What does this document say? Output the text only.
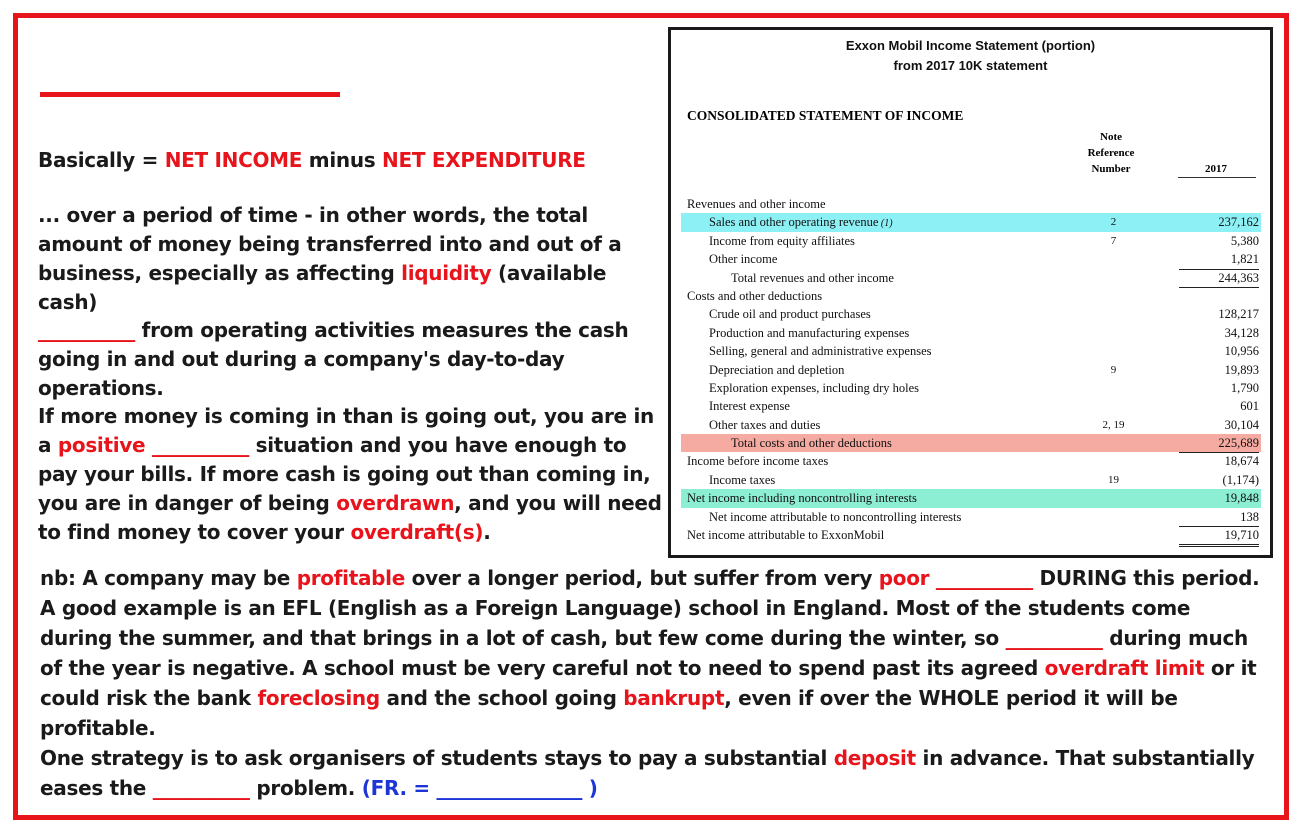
Basically = NET INCOME minus NET EXPENDITURE
... over a period of time - in other words, the total amount of money being transferred into and out of a business, especially as affecting liquidity (available cash)
__________ from operating activities measures the cash going in and out during a company's day-to-day operations.
If more money is coming in than is going out, you are in a positive __________ situation and you have enough to pay your bills. If more cash is going out than coming in, you are in danger of being overdrawn, and you will need to find money to cover your overdraft(s).
nb: A company may be profitable over a longer period, but suffer from very poor __________ DURING this period. A good example is an EFL (English as a Foreign Language) school in England. Most of the students come during the summer, and that brings in a lot of cash, but few come during the winter, so __________ during much of the year is negative. A school must be very careful not to need to spend past its agreed overdraft limit or it could risk the bank foreclosing and the school going bankrupt, even if over the WHOLE period it will be profitable.
One strategy is to ask organisers of students stays to pay a substantial deposit in advance. That substantially eases the __________ problem. (FR. = _______________ )
Exxon Mobil Income Statement (portion)
from 2017 10K statement
CONSOLIDATED STATEMENT OF INCOME
Note
Reference
Number	2017
Revenues and other income
Sales and other operating revenue (1)	2	237,162
Income from equity affiliates	7	5,380
Other income	1,821
Total revenues and other income	244,363
Costs and other deductions
Crude oil and product purchases	128,217
Production and manufacturing expenses	34,128
Selling, general and administrative expenses	10,956
Depreciation and depletion	9	19,893
Exploration expenses, including dry holes	1,790
Interest expense	601
Other taxes and duties	2, 19	30,104
Total costs and other deductions	225,689
Income before income taxes	18,674
Income taxes	19	(1,174)
Net income including noncontrolling interests	19,848
Net income attributable to noncontrolling interests	138
Net income attributable to ExxonMobil	19,710
